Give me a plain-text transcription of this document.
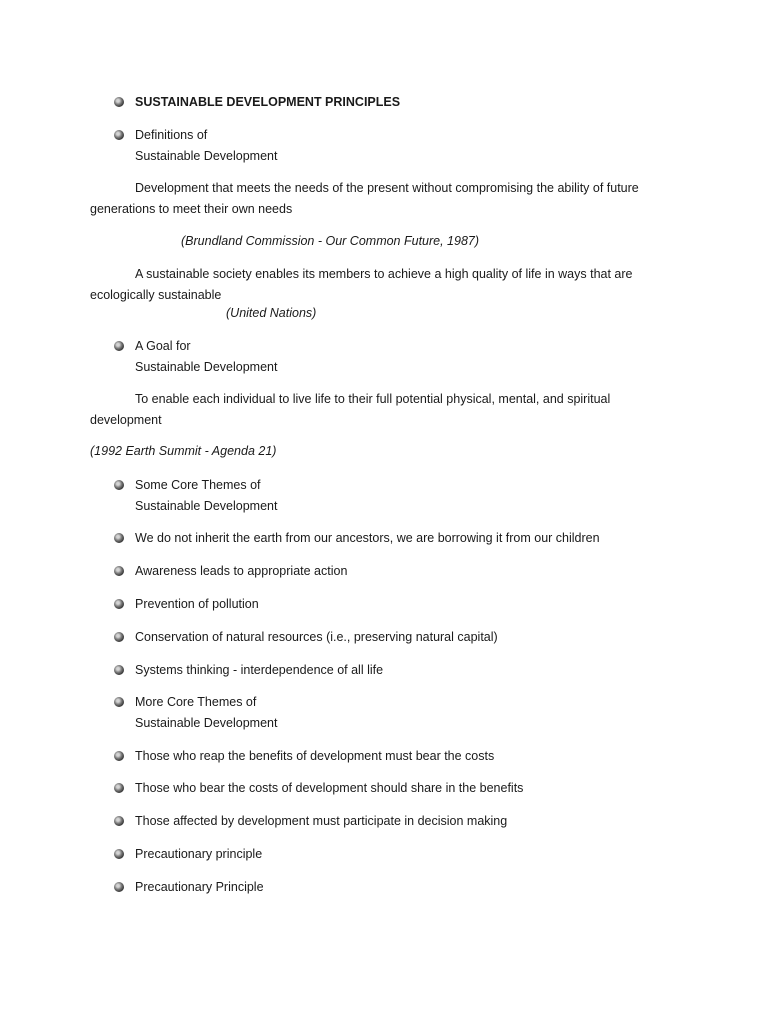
SUSTAINABLE DEVELOPMENT PRINCIPLES
Definitions of
Sustainable Development
Development that meets the needs of the present without compromising the ability of future generations to meet their own needs
(Brundland Commission - Our Common Future, 1987)
A sustainable society enables its members to achieve a high quality of life in ways that are ecologically sustainable
(United Nations)
A Goal for
Sustainable Development
To enable each individual to live life to their full potential physical, mental, and spiritual development
(1992 Earth Summit - Agenda 21)
Some Core Themes of
Sustainable Development
We do not inherit the earth from our ancestors, we are borrowing it from our children
Awareness leads to appropriate action
Prevention of pollution
Conservation of natural resources (i.e., preserving natural capital)
Systems thinking - interdependence of all life
More Core Themes of
Sustainable Development
Those who reap the benefits of development must bear the costs
Those who bear the costs of development should share in the benefits
Those affected by development must participate in decision making
Precautionary principle
Precautionary Principle
